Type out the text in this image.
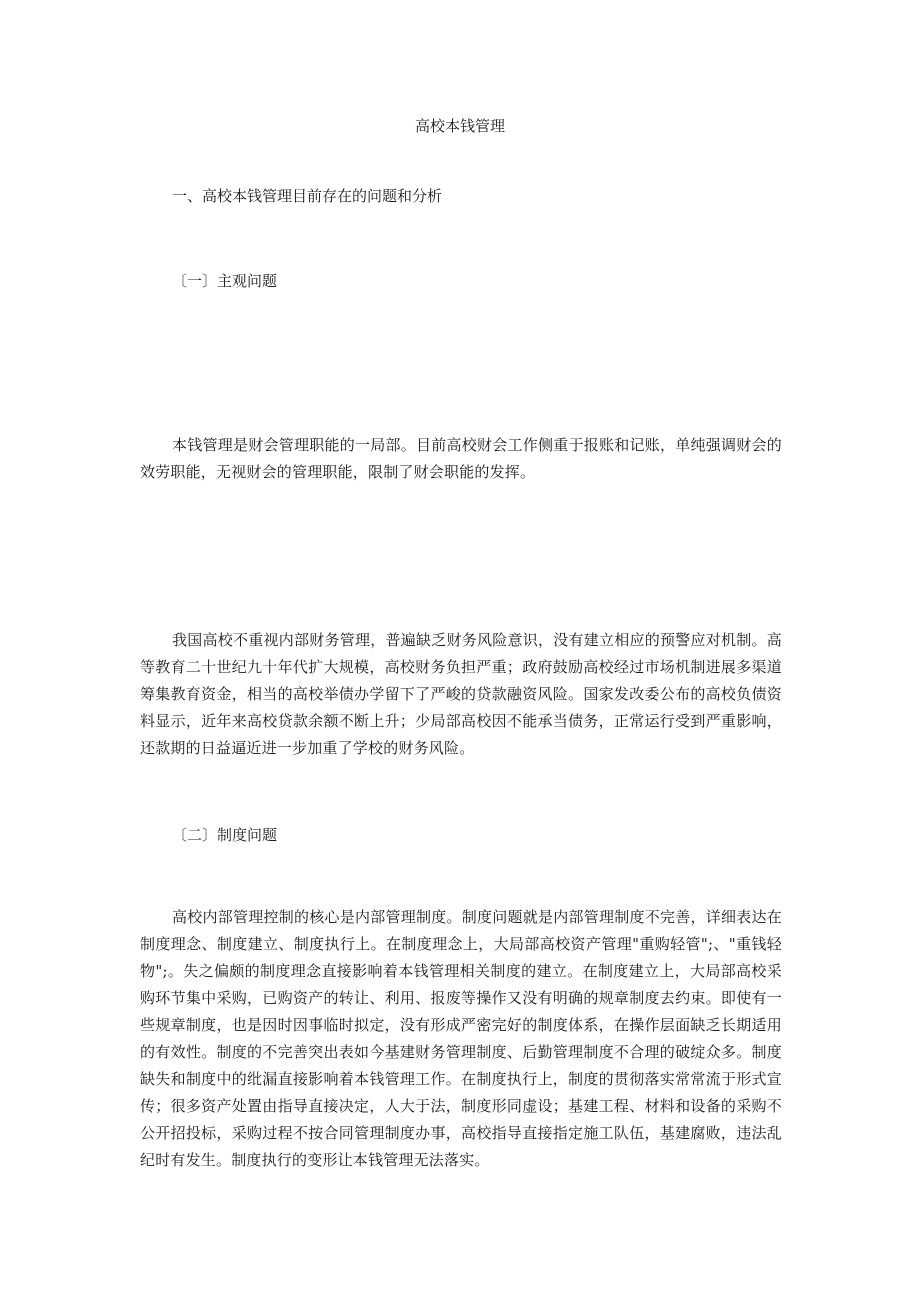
高校本钱管理
一、高校本钱管理目前存在的问题和分析
〔一〕主观问题

本钱管理是财会管理职能的一局部。目前高校财会工作侧重于报账和记账，单纯强调财会的效劳职能，无视财会的管理职能，限制了财会职能的发挥。

我国高校不重视内部财务管理，普遍缺乏财务风险意识，没有建立相应的预警应对机制。高等教育二十世纪九十年代扩大规模，高校财务负担严重；政府鼓励高校经过市场机制进展多渠道筹集教育资金，相当的高校举债办学留下了严峻的贷款融资风险。国家发改委公布的高校负债资料显示，近年来高校贷款余额不断上升；少局部高校因不能承当债务，正常运行受到严重影响，还款期的日益逼近进一步加重了学校的财务风险。

〔二〕制度问题

高校内部管理控制的核心是内部管理制度。制度问题就是内部管理制度不完善，详细表达在制度理念、制度建立、制度执行上。在制度理念上，大局部高校资产管理"重购轻管";、"重钱轻物";。失之偏颇的制度理念直接影响着本钱管理相关制度的建立。在制度建立上，大局部高校采购环节集中采购，已购资产的转让、利用、报废等操作又没有明确的规章制度去约束。即使有一些规章制度，也是因时因事临时拟定，没有形成严密完好的制度体系，在操作层面缺乏长期适用的有效性。制度的不完善突出表如今基建财务管理制度、后勤管理制度不合理的破绽众多。制度缺失和制度中的纰漏直接影响着本钱管理工作。在制度执行上，制度的贯彻落实常常流于形式宣传；很多资产处置由指导直接决定，人大于法，制度形同虚设；基建工程、材料和设备的采购不公开招投标，采购过程不按合同管理制度办事，高校指导直接指定施工队伍，基建腐败，违法乱纪时有发生。制度执行的变形让本钱管理无法落实。
